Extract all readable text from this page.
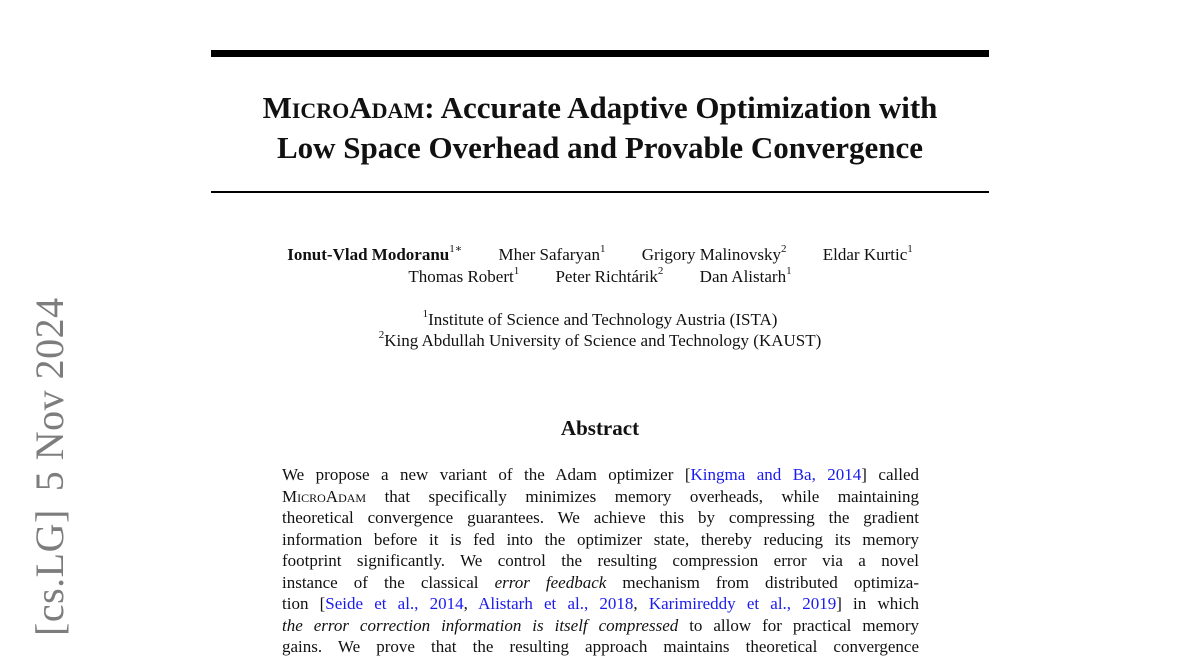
MicroAdam: Accurate Adaptive Optimization with
Low Space Overhead and Provable Convergence
Ionut-Vlad Modoranu$^{1∗}$ Mher Safaryan$^1$ Grigory Malinovsky$^2$ Eldar Kurtic$^1$
Thomas Robert$^1$ Peter Richtárik$^2$ Dan Alistarh$^1$
$^1$Institute of Science and Technology Austria (ISTA)
$^2$King Abdullah University of Science and Technology (KAUST)
Abstract
We propose a new variant of the Adam optimizer [Kingma and Ba, 2014] called
MicroAdam that specifically minimizes memory overheads, while maintaining
theoretical convergence guarantees. We achieve this by compressing the gradient
information before it is fed into the optimizer state, thereby reducing its memory
footprint significantly. We control the resulting compression error via a novel
instance of the classical error feedback mechanism from distributed optimiza-
tion [Seide et al., 2014, Alistarh et al., 2018, Karimireddy et al., 2019] in which
the error correction information is itself compressed to allow for practical memory
gains. We prove that the resulting approach maintains theoretical convergence
[cs.LG]5 Nov 2024
